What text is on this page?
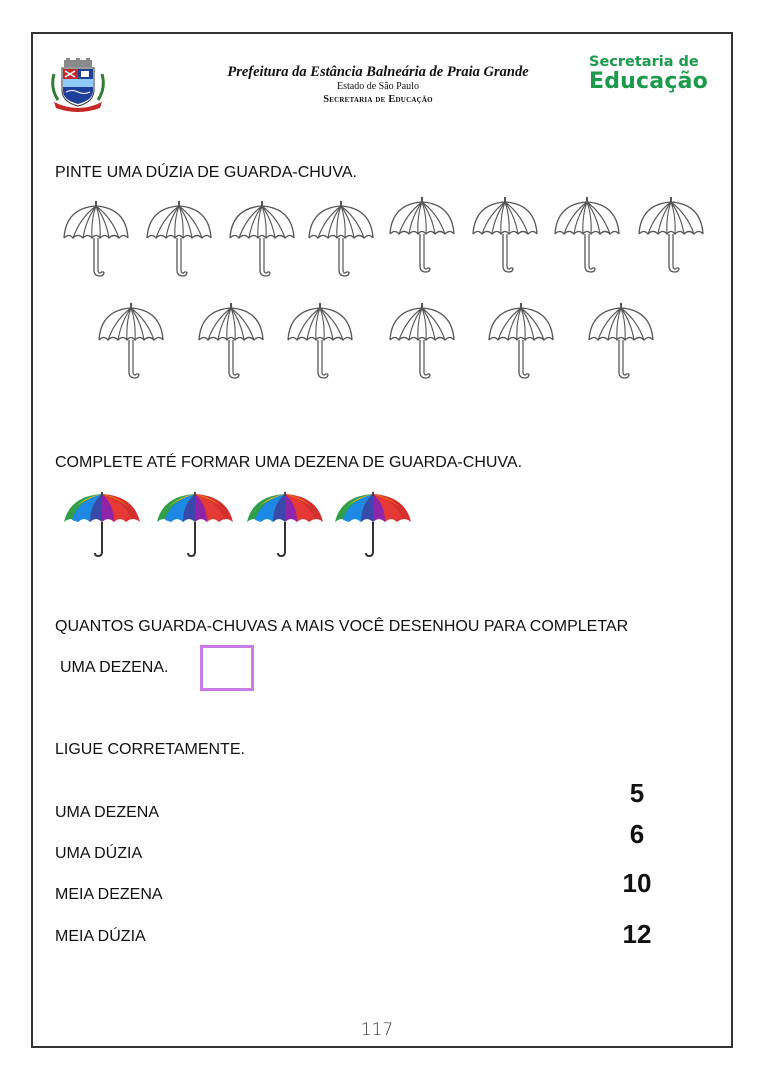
Prefeitura da Estância Balneária de Praia Grande
Estado de São Paulo
Secretaria de Educação
Secretaria de
Educação
PINTE UMA DÚZIA DE GUARDA-CHUVA.
COMPLETE ATÉ FORMAR UMA DEZENA DE GUARDA-CHUVA.
QUANTOS GUARDA-CHUVAS A MAIS VOCÊ DESENHOU PARA COMPLETAR
UMA DEZENA.
LIGUE CORRETAMENTE.
UMA DEZENA
UMA DÚZIA
MEIA DEZENA
MEIA DÚZIA
5
6
10
12
117
